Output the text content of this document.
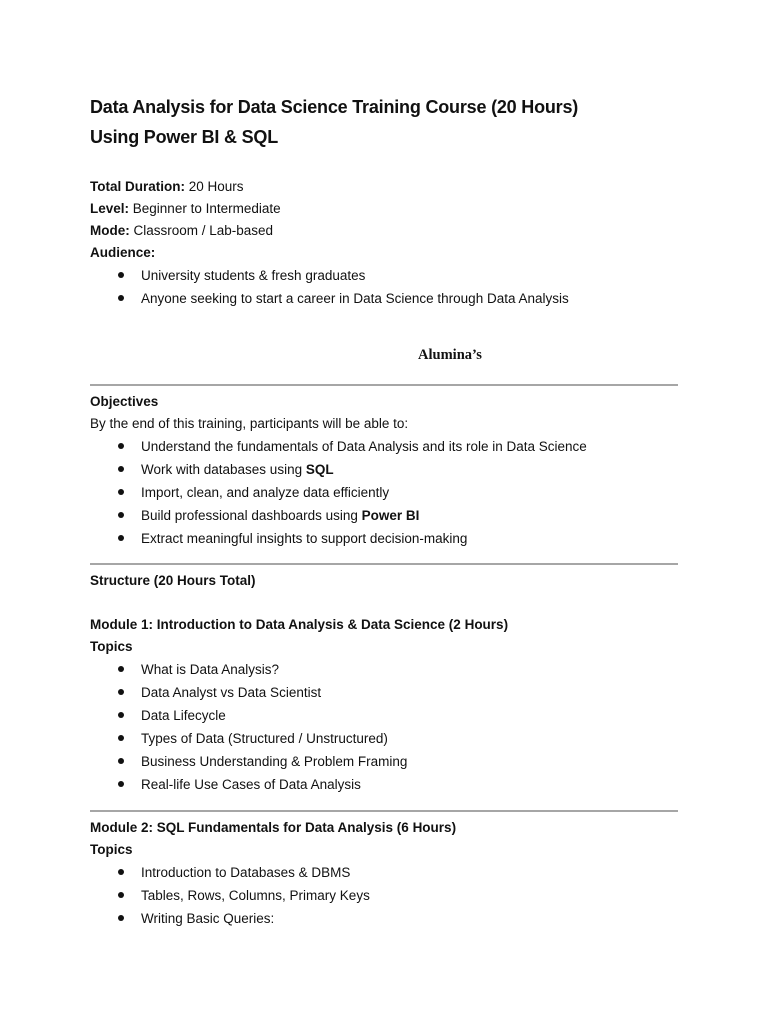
Data Analysis for Data Science Training Course (20 Hours)
Using Power BI & SQL

Total Duration: 20 Hours

Level: Beginner to Intermediate

Mode: Classroom / Lab-based

Audience:

University students & fresh graduates
Anyone seeking to start a career in Data Science through Data Analysis
Alumina’s

Objectives

By the end of this training, participants will be able to:

Understand the fundamentals of Data Analysis and its role in Data Science
Work with databases using SQL
Import, clean, and analyze data efficiently
Build professional dashboards using Power BI
Extract meaningful insights to support decision-making

Structure (20 Hours Total)

Module 1: Introduction to Data Analysis & Data Science (2 Hours)

Topics

What is Data Analysis?
Data Analyst vs Data Scientist
Data Lifecycle
Types of Data (Structured / Unstructured)
Business Understanding & Problem Framing
Real-life Use Cases of Data Analysis

Module 2: SQL Fundamentals for Data Analysis (6 Hours)

Topics

Introduction to Databases & DBMS
Tables, Rows, Columns, Primary Keys
Writing Basic Queries:
